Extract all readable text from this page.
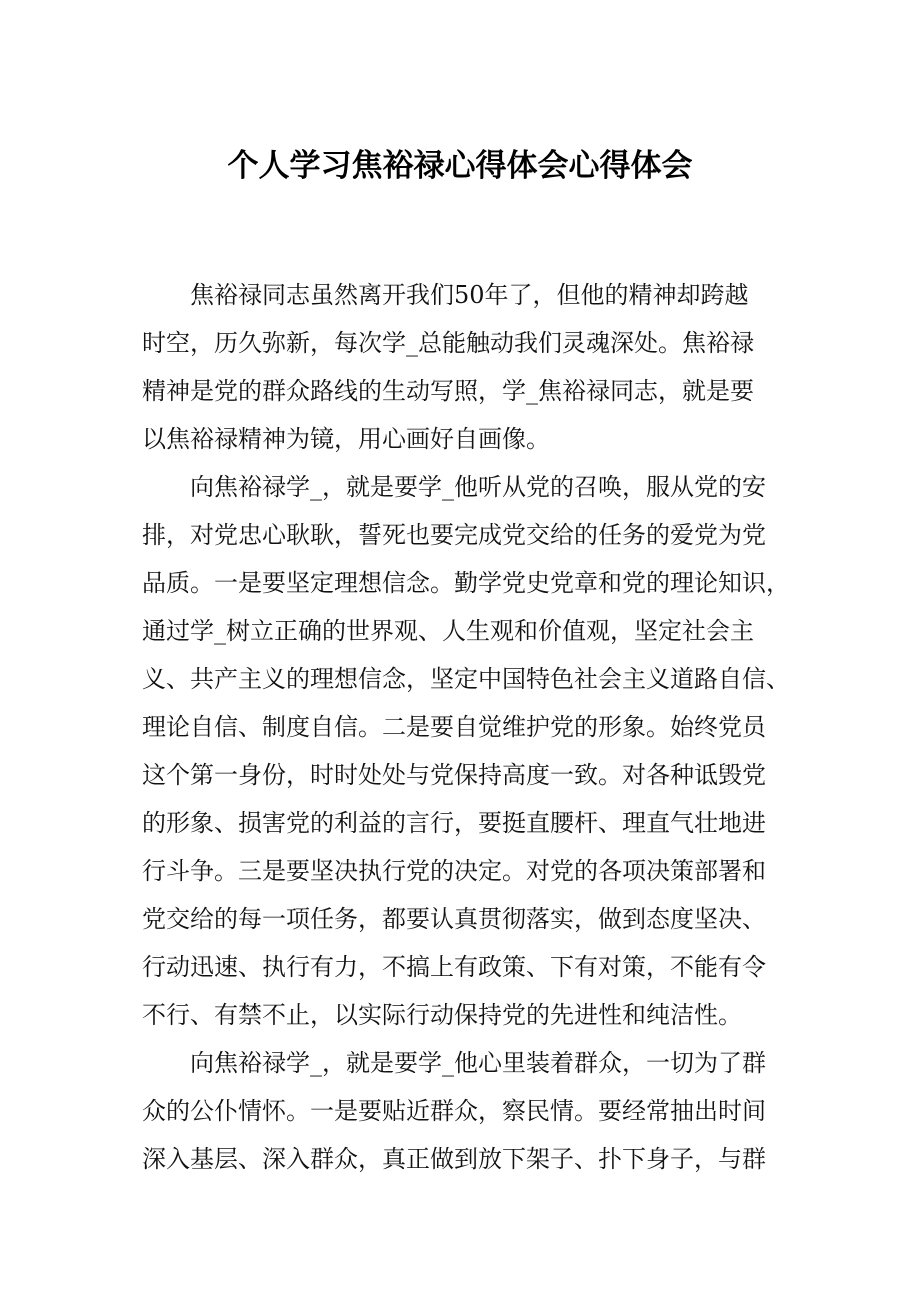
个人学习焦裕禄心得体会心得体会
焦裕禄同志虽然离开我们50年了，但他的精神却跨越
时空，历久弥新，每次学_总能触动我们灵魂深处。焦裕禄
精神是党的群众路线的生动写照，学_焦裕禄同志，就是要
以焦裕禄精神为镜，用心画好自画像。
向焦裕禄学_，就是要学_他听从党的召唤，服从党的安
排，对党忠心耿耿，誓死也要完成党交给的任务的爱党为党
品质。一是要坚定理想信念。勤学党史党章和党的理论知识，
通过学_树立正确的世界观、人生观和价值观，坚定社会主
义、共产主义的理想信念，坚定中国特色社会主义道路自信、
理论自信、制度自信。二是要自觉维护党的形象。始终党员
这个第一身份，时时处处与党保持高度一致。对各种诋毁党
的形象、损害党的利益的言行，要挺直腰杆、理直气壮地进
行斗争。三是要坚决执行党的决定。对党的各项决策部署和
党交给的每一项任务，都要认真贯彻落实，做到态度坚决、
行动迅速、执行有力，不搞上有政策、下有对策，不能有令
不行、有禁不止，以实际行动保持党的先进性和纯洁性。
向焦裕禄学_，就是要学_他心里装着群众，一切为了群
众的公仆情怀。一是要贴近群众，察民情。要经常抽出时间
深入基层、深入群众，真正做到放下架子、扑下身子，与群
